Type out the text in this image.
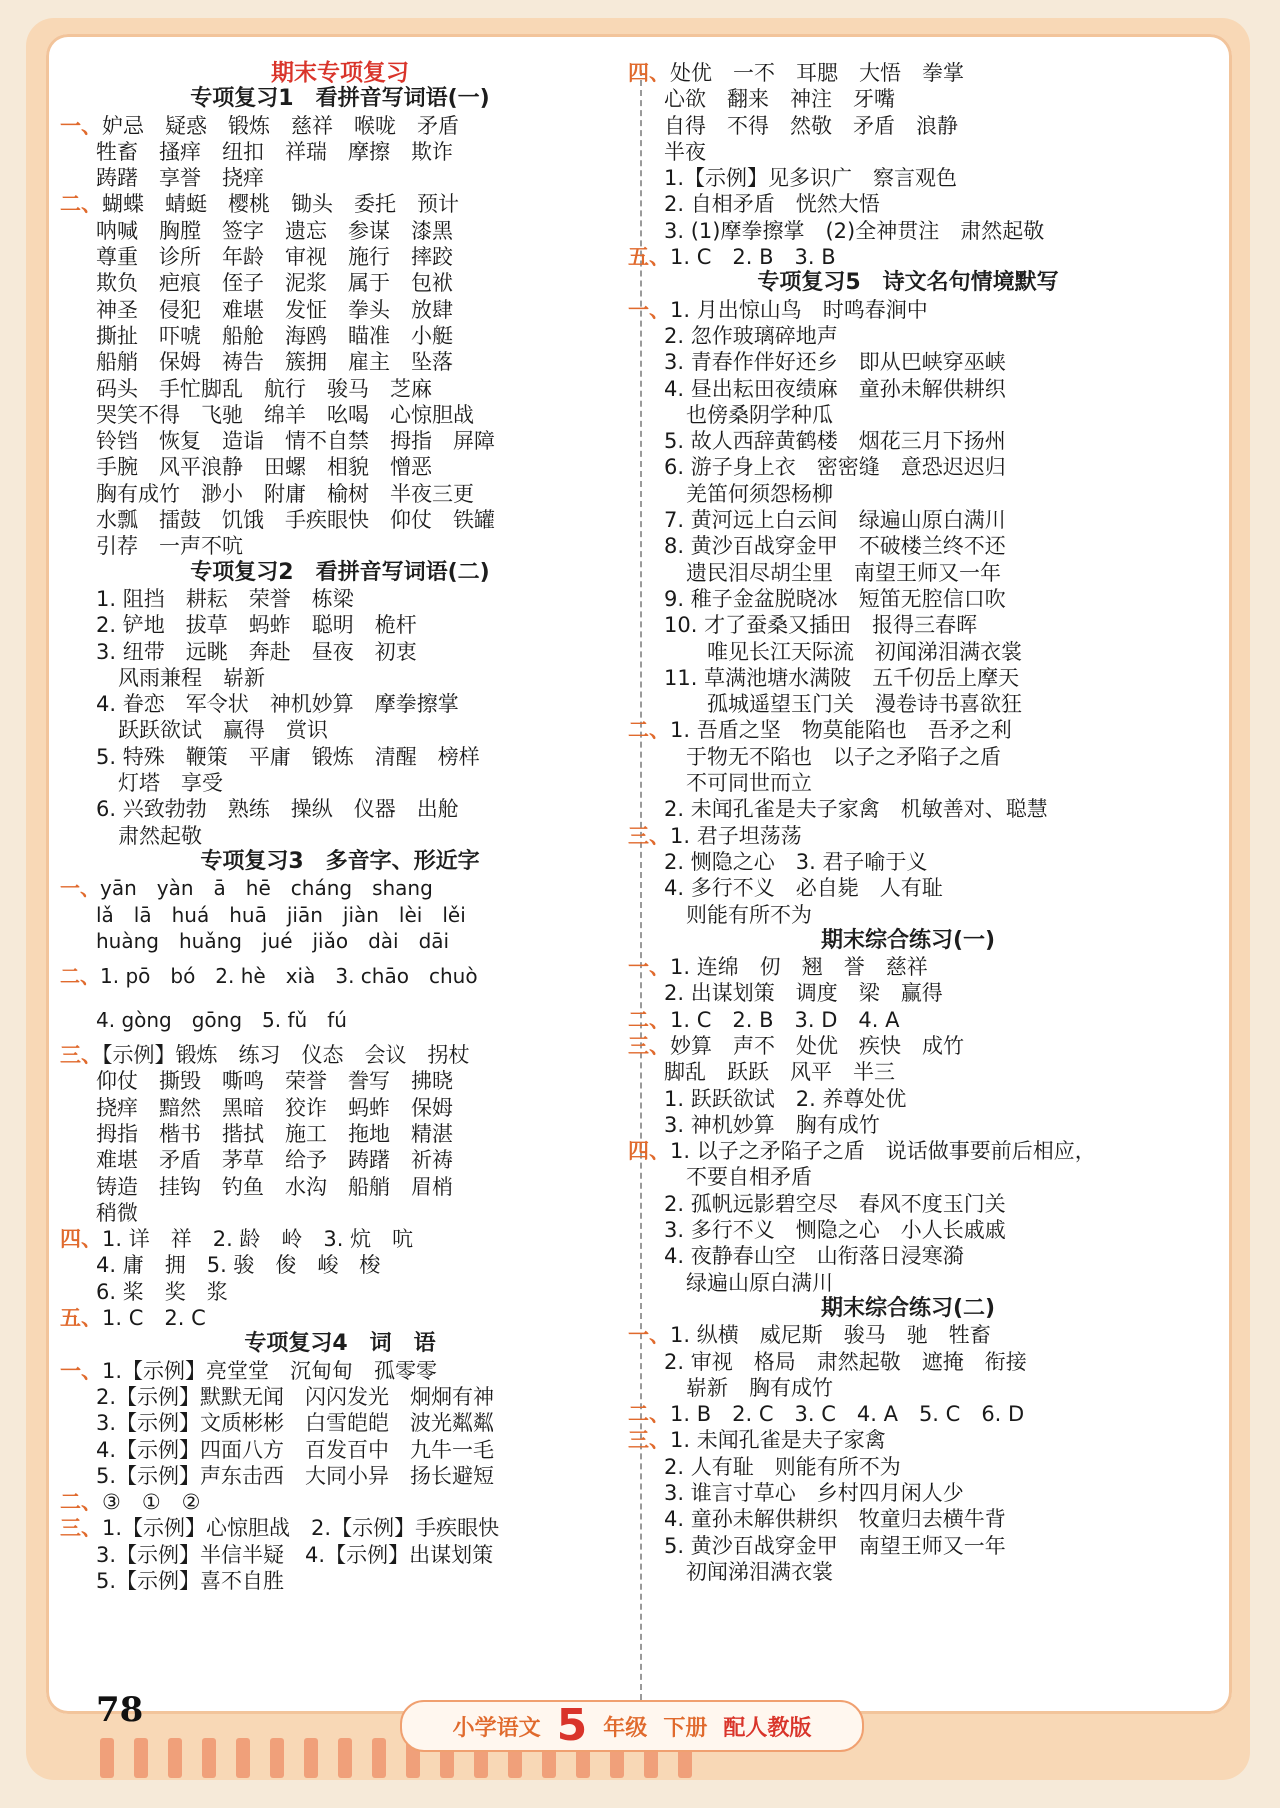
期末专项复习
专项复习1　看拼音写词语(一)
一、妒忌　疑惑　锻炼　慈祥　喉咙　矛盾
牲畜　搔痒　纽扣　祥瑞　摩擦　欺诈
踌躇　享誉　挠痒
二、蝴蝶　蜻蜓　樱桃　锄头　委托　预计
呐喊　胸膛　签字　遗忘　参谋　漆黑
尊重　诊所　年龄　审视　施行　摔跤
欺负　疤痕　侄子　泥浆　属于　包袱
神圣　侵犯　难堪　发怔　拳头　放肆
撕扯　吓唬　船舱　海鸥　瞄准　小艇
船艄　保姆　祷告　簇拥　雇主　坠落
码头　手忙脚乱　航行　骏马　芝麻
哭笑不得　飞驰　绵羊　吆喝　心惊胆战
铃铛　恢复　造诣　情不自禁　拇指　屏障
手腕　风平浪静　田螺　相貌　憎恶
胸有成竹　渺小　附庸　榆树　半夜三更
水瓢　擂鼓　饥饿　手疾眼快　仰仗　铁罐
引荐　一声不吭
专项复习2　看拼音写词语(二)
1. 阻挡　耕耘　荣誉　栋梁
2. 铲地　拔草　蚂蚱　聪明　桅杆
3. 纽带　远眺　奔赴　昼夜　初衷
风雨兼程　崭新
4. 眷恋　军令状　神机妙算　摩拳擦掌
跃跃欲试　赢得　赏识
5. 特殊　鞭策　平庸　锻炼　清醒　榜样
灯塔　享受
6. 兴致勃勃　熟练　操纵　仪器　出舱
肃然起敬
专项复习3　多音字、形近字
一、yān　yàn　ā　hē　cháng　shang
lǎ　lā　huá　huā　jiān　jiàn　lèi　lěi
huàng　huǎng　jué　jiǎo　dài　dāi
二、1. pō　bó　2. hè　xià　3. chāo　chuò
4. gòng　gōng　5. fǔ　fú
三、【示例】锻炼　练习　仪态　会议　拐杖
仰仗　撕毁　嘶鸣　荣誉　誊写　拂晓
挠痒　黯然　黑暗　狡诈　蚂蚱　保姆
拇指　楷书　揩拭　施工　拖地　精湛
难堪　矛盾　茅草　给予　踌躇　祈祷
铸造　挂钩　钓鱼　水沟　船艄　眉梢
稍微
四、1. 详　祥　2. 龄　岭　3. 炕　吭
4. 庸　拥　5. 骏　俊　峻　梭
6. 桨　奖　浆
五、1. C　2. C
专项复习4　词　语
一、1.【示例】亮堂堂　沉甸甸　孤零零
2.【示例】默默无闻　闪闪发光　炯炯有神
3.【示例】文质彬彬　白雪皑皑　波光粼粼
4.【示例】四面八方　百发百中　九牛一毛
5.【示例】声东击西　大同小异　扬长避短
二、③　①　②
三、1.【示例】心惊胆战　2.【示例】手疾眼快
3.【示例】半信半疑　4.【示例】出谋划策
5.【示例】喜不自胜
四、处优　一不　耳腮　大悟　拳掌
心欲　翻来　神注　牙嘴
自得　不得　然敬　矛盾　浪静
半夜
1.【示例】见多识广　察言观色
2. 自相矛盾　恍然大悟
3. (1)摩拳擦掌　(2)全神贯注　肃然起敬
五、1. C　2. B　3. B
专项复习5　诗文名句情境默写
一、1. 月出惊山鸟　时鸣春涧中
2. 忽作玻璃碎地声
3. 青春作伴好还乡　即从巴峡穿巫峡
4. 昼出耘田夜绩麻　童孙未解供耕织
也傍桑阴学种瓜
5. 故人西辞黄鹤楼　烟花三月下扬州
6. 游子身上衣　密密缝　意恐迟迟归
羌笛何须怨杨柳
7. 黄河远上白云间　绿遍山原白满川
8. 黄沙百战穿金甲　不破楼兰终不还
遗民泪尽胡尘里　南望王师又一年
9. 稚子金盆脱晓冰　短笛无腔信口吹
10. 才了蚕桑又插田　报得三春晖
　唯见长江天际流　初闻涕泪满衣裳
11. 草满池塘水满陂　五千仞岳上摩天
　孤城遥望玉门关　漫卷诗书喜欲狂
二、1. 吾盾之坚　物莫能陷也　吾矛之利
于物无不陷也　以子之矛陷子之盾
不可同世而立
2. 未闻孔雀是夫子家禽　机敏善对、聪慧
三、1. 君子坦荡荡
2. 恻隐之心　3. 君子喻于义
4. 多行不义　必自毙　人有耻
则能有所不为
期末综合练习(一)
一、1. 连绵　仞　翘　誉　慈祥
2. 出谋划策　调度　梁　赢得
二、1. C　2. B　3. D　4. A
三、妙算　声不　处优　疾快　成竹
脚乱　跃跃　风平　半三
1. 跃跃欲试　2. 养尊处优
3. 神机妙算　胸有成竹
四、1. 以子之矛陷子之盾　说话做事要前后相应，
不要自相矛盾
2. 孤帆远影碧空尽　春风不度玉门关
3. 多行不义　恻隐之心　小人长戚戚
4. 夜静春山空　山衔落日浸寒漪
绿遍山原白满川
期末综合练习(二)
一、1. 纵横　威尼斯　骏马　驰　牲畜
2. 审视　格局　肃然起敬　遮掩　衔接
崭新　胸有成竹
二、1. B　2. C　3. C　4. A　5. C　6. D
三、1. 未闻孔雀是夫子家禽
2. 人有耻　则能有所不为
3. 谁言寸草心　乡村四月闲人少
4. 童孙未解供耕织　牧童归去横牛背
5. 黄沙百战穿金甲　南望王师又一年
初闻涕泪满衣裳
78	小学语文 5 年级 下册 配人教版
